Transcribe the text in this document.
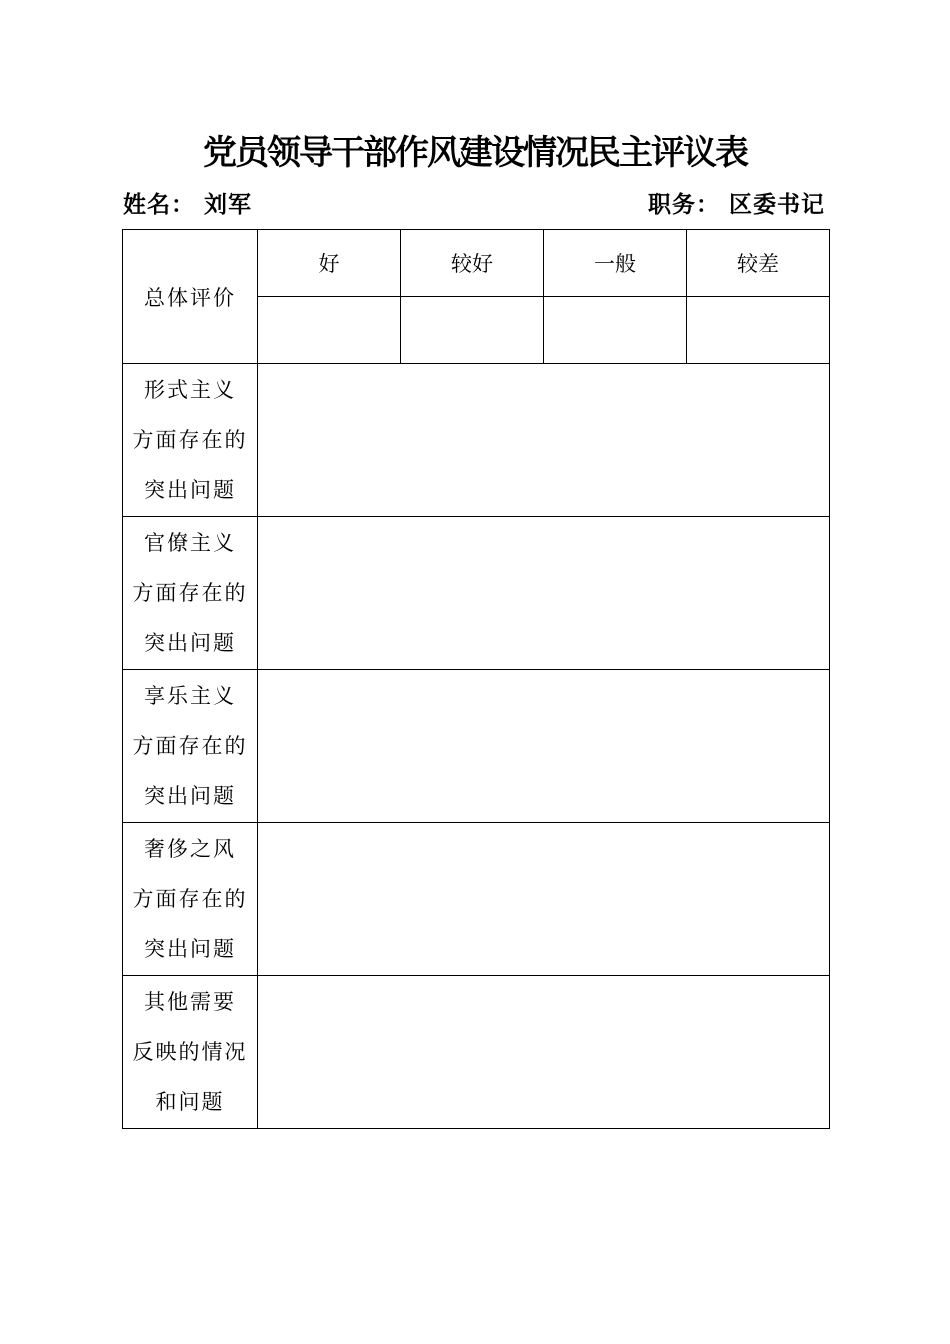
党员领导干部作风建设情况民主评议表
姓名： 刘军	职务： 区委书记
总体评价	好	较好	一般	较差

形式主义
方面存在的
突出问题				

官僚主义
方面存在的
突出问题				

享乐主义
方面存在的
突出问题				

奢侈之风
方面存在的
突出问题				

其他需要
反映的情况
和问题				
